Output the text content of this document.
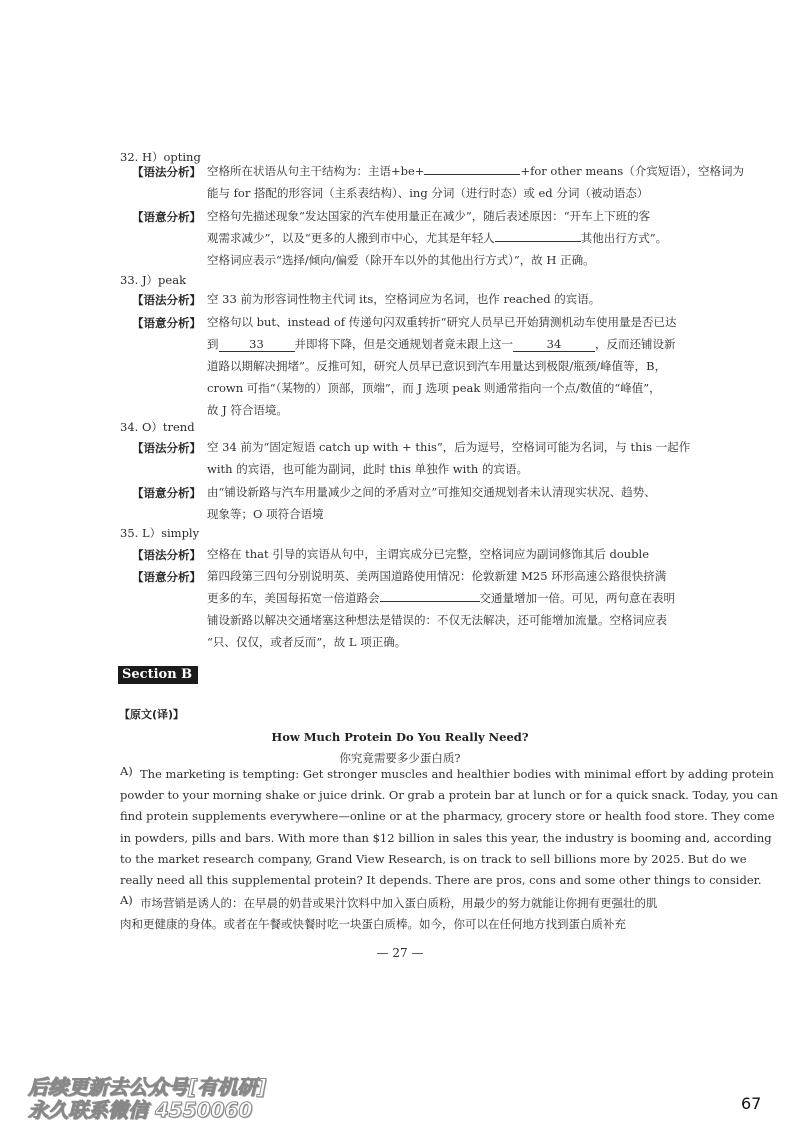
32. H）opting
【语法分析】 空格所在状语从句主干结构为：主语+be+	+for other means（介宾短语），空格词为
能与 for 搭配的形容词（主系表结构）、ing 分词（进行时态）或 ed 分词（被动语态）
【语意分析】 空格句先描述现象“发达国家的汽车使用量正在减少”，随后表述原因：“开车上下班的客
观需求减少”，以及“更多的人搬到市中心，尤其是年轻人	其他出行方式”。
空格词应表示“选择/倾向/偏爱（除开车以外的其他出行方式）”，故 H 正确。
33. J）peak
【语法分析】 空 33 前为形容词性物主代词 its，空格词应为名词，也作 reached 的宾语。
【语意分析】 空格句以 but、instead of 传递句闪双重转折“研究人员早已开始猜测机动车使用量是否已达
到	33	并即将下降，但是交通规划者竟未跟上这一	34	，反而还铺设新
道路以期解决拥堵”。反推可知，研究人员早已意识到汽车用量达到极限/瓶颈/峰值等，B，
crown 可指“（某物的）顶部，顶端”，而 J 选项 peak 则通常指向一个点/数值的“峰值”，
故 J 符合语境。
34. O）trend
【语法分析】 空 34 前为“固定短语 catch up with + this”，后为逗号，空格词可能为名词，与 this 一起作
with 的宾语，也可能为副词，此时 this 单独作 with 的宾语。
【语意分析】 由“铺设新路与汽车用量减少之间的矛盾对立”可推知交通规划者未认清现实状况、趋势、
现象等；O 项符合语境
35. L）simply
【语法分析】 空格在 that 引导的宾语从句中，主谓宾成分已完整，空格词应为副词修饰其后 double
【语意分析】 第四段第三四句分别说明英、美两国道路使用情况：伦敦新建 M25 环形高速公路很快挤满
更多的车，美国每拓宽一倍道路会	交通量增加一倍。可见，两句意在表明
铺设新路以解决交通堵塞这种想法是错误的：不仅无法解决，还可能增加流量。空格词应表
“只、仅仅，或者反而”，故 L 项正确。
A) The marketing is tempting: Get stronger muscles and healthier bodies with minimal effort by adding protein
powder to your morning shake or juice drink. Or grab a protein bar at lunch or for a quick snack. Today, you can
find protein supplements everywhere—online or at the pharmacy, grocery store or health food store. They come
in powders, pills and bars. With more than $12 billion in sales this year, the industry is booming and, according
to the market research company, Grand View Research, is on track to sell billions more by 2025. But do we
really need all this supplemental protein? It depends. There are pros, cons and some other things to consider.
A) 市场营销是诱人的：在早晨的奶昔或果汁饮料中加入蛋白质粉，用最少的努力就能让你拥有更强壮的肌
肉和更健康的身体。或者在午餐或快餐时吃一块蛋白质棒。如今，你可以在任何地方找到蛋白质补充
Section B
【原文(译)】
How Much Protein Do You Really Need?
你究竟需要多少蛋白质?
— 27 —
后续更新去公众号[有机研]
永久联系微信 4550060	67
